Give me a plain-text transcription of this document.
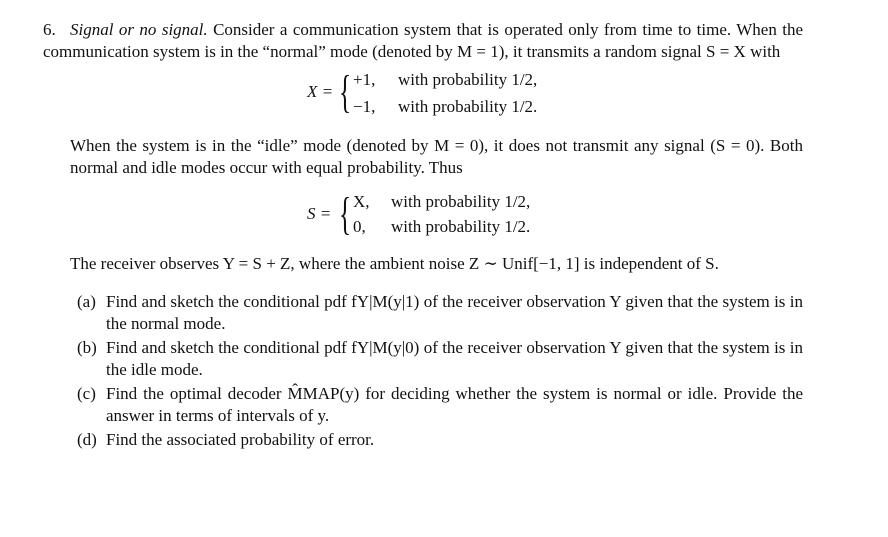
6. Signal or no signal. Consider a communication system that is operated only from time to time. When the communication system is in the “normal” mode (denoted by M = 1), it transmits a random signal S = X with

X = { +1, with probability 1/2,
−1, with probability 1/2.

When the system is in the “idle” mode (denoted by M = 0), it does not transmit any signal (S = 0). Both normal and idle modes occur with equal probability. Thus

S = { X, with probability 1/2,
0, with probability 1/2.

The receiver observes Y = S + Z, where the ambient noise Z ∼ Unif[−1, 1] is independent of S.

(a) Find and sketch the conditional pdf fY|M(y|1) of the receiver observation Y given that the system is in the normal mode.
(b) Find and sketch the conditional pdf fY|M(y|0) of the receiver observation Y given that the system is in the idle mode.
(c) Find the optimal decoder M̂MAP(y) for deciding whether the system is normal or idle. Provide the answer in terms of intervals of y.
(d) Find the associated probability of error.
